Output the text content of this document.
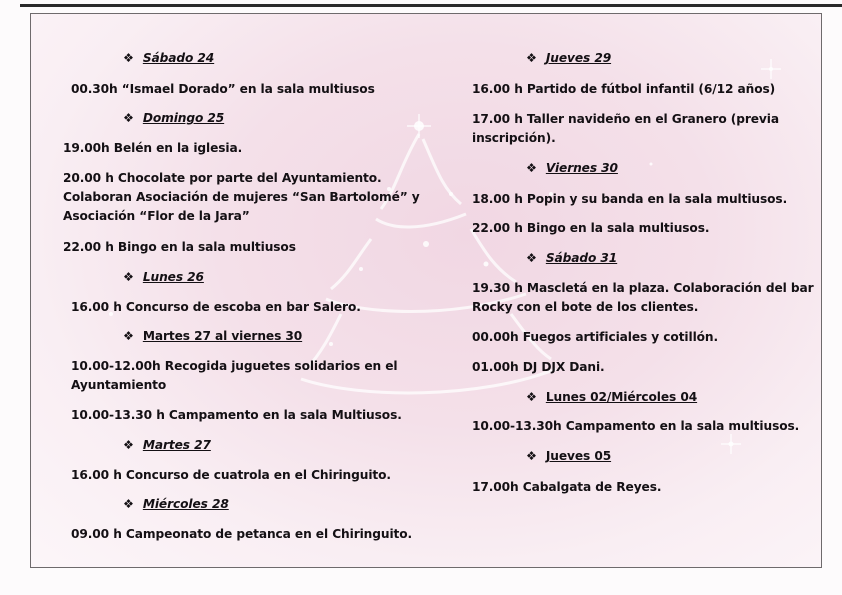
❖ Sábado 24
00.30h “Ismael Dorado” en la sala multiusos
❖ Domingo 25
19.00h Belén en la iglesia.
20.00 h Chocolate por parte del Ayuntamiento.
Colaboran Asociación de mujeres “San Bartolomé” y
Asociación “Flor de la Jara”
22.00 h Bingo en la sala multiusos
❖ Lunes 26
16.00 h Concurso de escoba en bar Salero.
❖ Martes 27 al viernes 30
10.00-12.00h Recogida juguetes solidarios en el
Ayuntamiento
10.00-13.30 h Campamento en la sala Multiusos.
❖ Martes 27
16.00 h Concurso de cuatrola en el Chiringuito.
❖ Miércoles 28
09.00 h Campeonato de petanca en el Chiringuito.
❖ Jueves 29
16.00 h Partido de fútbol infantil (6/12 años)
17.00 h Taller navideño en el Granero (previa
inscripción).
❖ Viernes 30
18.00 h Popin y su banda en la sala multiusos.
22.00 h Bingo en la sala multiusos.
❖ Sábado 31
19.30 h Mascletá en la plaza. Colaboración del bar
Rocky con el bote de los clientes.
00.00h Fuegos artificiales y cotillón.
01.00h DJ DJX Dani.
❖ Lunes 02/Miércoles 04
10.00-13.30h Campamento en la sala multiusos.
❖ Jueves 05
17.00h Cabalgata de Reyes.
